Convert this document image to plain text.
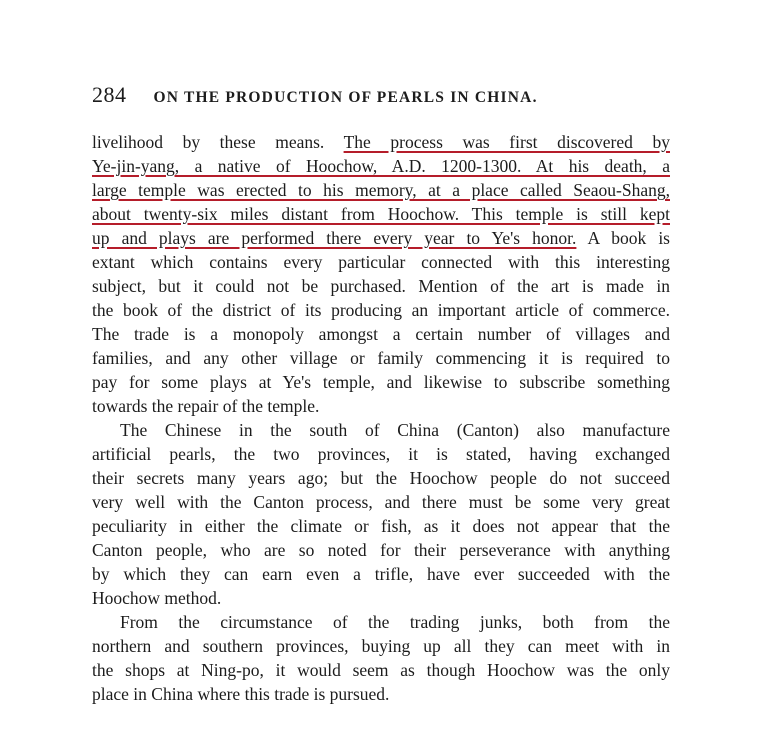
284 ON THE PRODUCTION OF PEARLS IN CHINA.
livelihood by these means. The process was first discovered by
Ye-jin-yang, a native of Hoochow, A.D. 1200-1300. At his death, a
large temple was erected to his memory, at a place called Seaou-Shang,
about twenty-six miles distant from Hoochow. This temple is still kept
up and plays are performed there every year to Ye's honor. A book is
extant which contains every particular connected with this interesting
subject, but it could not be purchased. Mention of the art is made in
the book of the district of its producing an important article of commerce.
The trade is a monopoly amongst a certain number of villages and
families, and any other village or family commencing it is required to
pay for some plays at Ye's temple, and likewise to subscribe something
towards the repair of the temple.
The Chinese in the south of China (Canton) also manufacture
artificial pearls, the two provinces, it is stated, having exchanged
their secrets many years ago; but the Hoochow people do not succeed
very well with the Canton process, and there must be some very great
peculiarity in either the climate or fish, as it does not appear that the
Canton people, who are so noted for their perseverance with anything
by which they can earn even a trifle, have ever succeeded with the
Hoochow method.
From the circumstance of the trading junks, both from the
northern and southern provinces, buying up all they can meet with in
the shops at Ning-po, it would seem as though Hoochow was the only
place in China where this trade is pursued.
